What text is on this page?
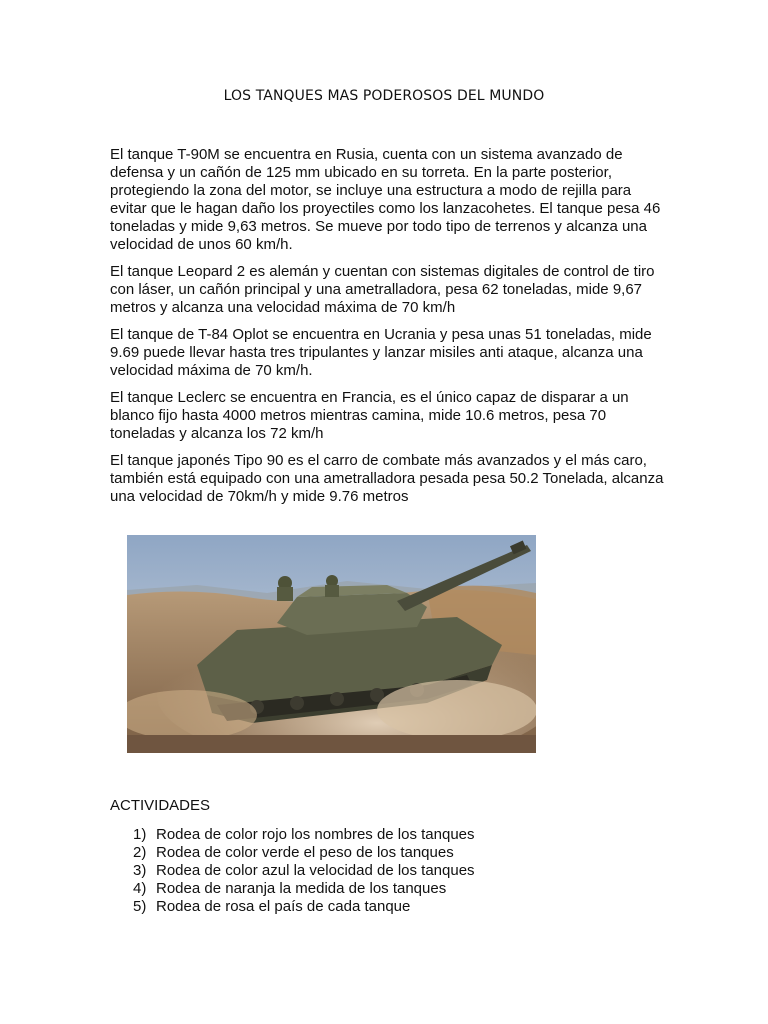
LOS TANQUES MAS PODEROSOS DEL MUNDO

El tanque T-90M se encuentra en Rusia, cuenta con un sistema avanzado de defensa y un cañón de 125 mm ubicado en su torreta. En la parte posterior, protegiendo la zona del motor, se incluye una estructura a modo de rejilla para evitar que le hagan daño los proyectiles como los lanzacohetes. El tanque pesa 46 toneladas y mide 9,63 metros. Se mueve por todo tipo de terrenos y alcanza una velocidad de unos 60 km/h.

El tanque Leopard 2 es alemán y cuentan con sistemas digitales de control de tiro con láser, un cañón principal y una ametralladora, pesa 62 toneladas, mide 9,67 metros y alcanza una velocidad máxima de 70 km/h

El tanque de T-84 Oplot se encuentra en Ucrania y pesa unas 51 toneladas, mide 9.69 puede llevar hasta tres tripulantes y lanzar misiles anti ataque, alcanza una velocidad máxima de 70 km/h.

El tanque Leclerc se encuentra en Francia, es el único capaz de disparar a un blanco fijo hasta 4000 metros mientras camina, mide 10.6 metros, pesa 70 toneladas y alcanza los 72 km/h

El tanque japonés Tipo 90 es el carro de combate más avanzados y el más caro, también está equipado con una ametralladora pesada pesa 50.2 Tonelada, alcanza una velocidad de 70km/h y mide 9.76 metros

ACTIVIDADES
1) Rodea de color rojo los nombres de los tanques
2) Rodea de color verde el peso de los tanques
3) Rodea de color azul la velocidad de los tanques
4) Rodea de naranja la medida de los tanques
5) Rodea de rosa el país de cada tanque
